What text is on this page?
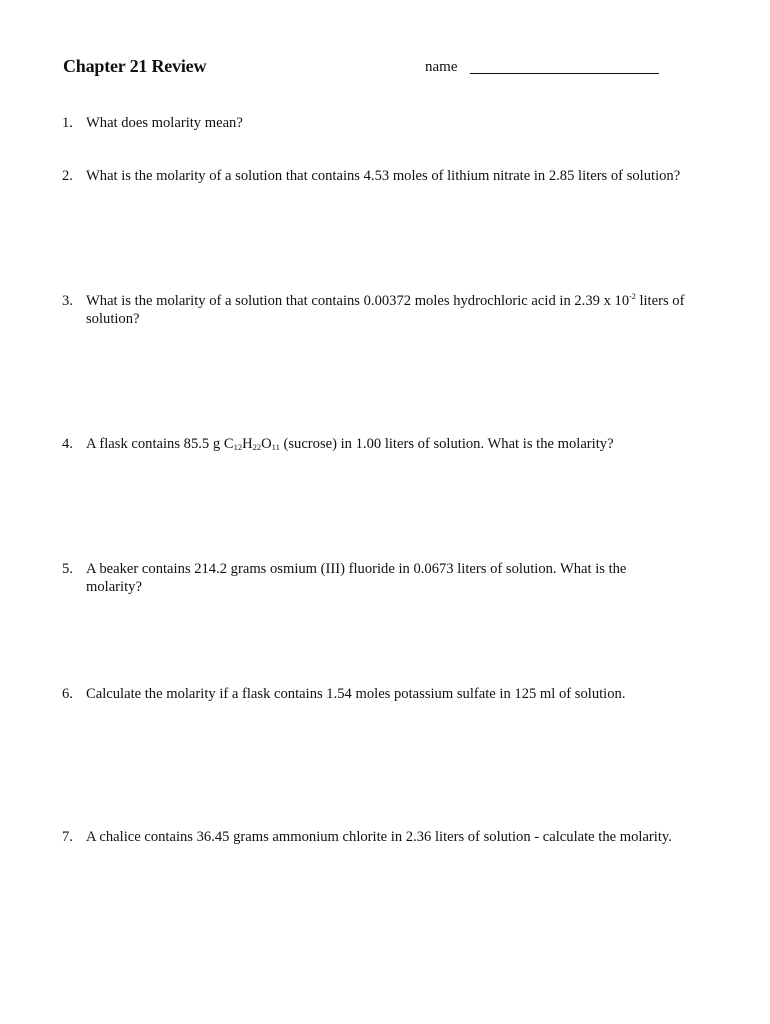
Chapter 21 Review	name
1. What does molarity mean?
2. What is the molarity of a solution that contains 4.53 moles of lithium nitrate in 2.85 liters of solution?
3. What is the molarity of a solution that contains 0.00372 moles hydrochloric acid in 2.39 x $10^{-2}$ liters of solution?
4. A flask contains 85.5 g $C_{12}H_{22}O_{11}$ (sucrose) in 1.00 liters of solution. What is the molarity?
5. A beaker contains 214.2 grams osmium (III) fluoride in 0.0673 liters of solution. What is the molarity?
6. Calculate the molarity if a flask contains 1.54 moles potassium sulfate in 125 ml of solution.
7. A chalice contains 36.45 grams ammonium chlorite in 2.36 liters of solution - calculate the molarity.
